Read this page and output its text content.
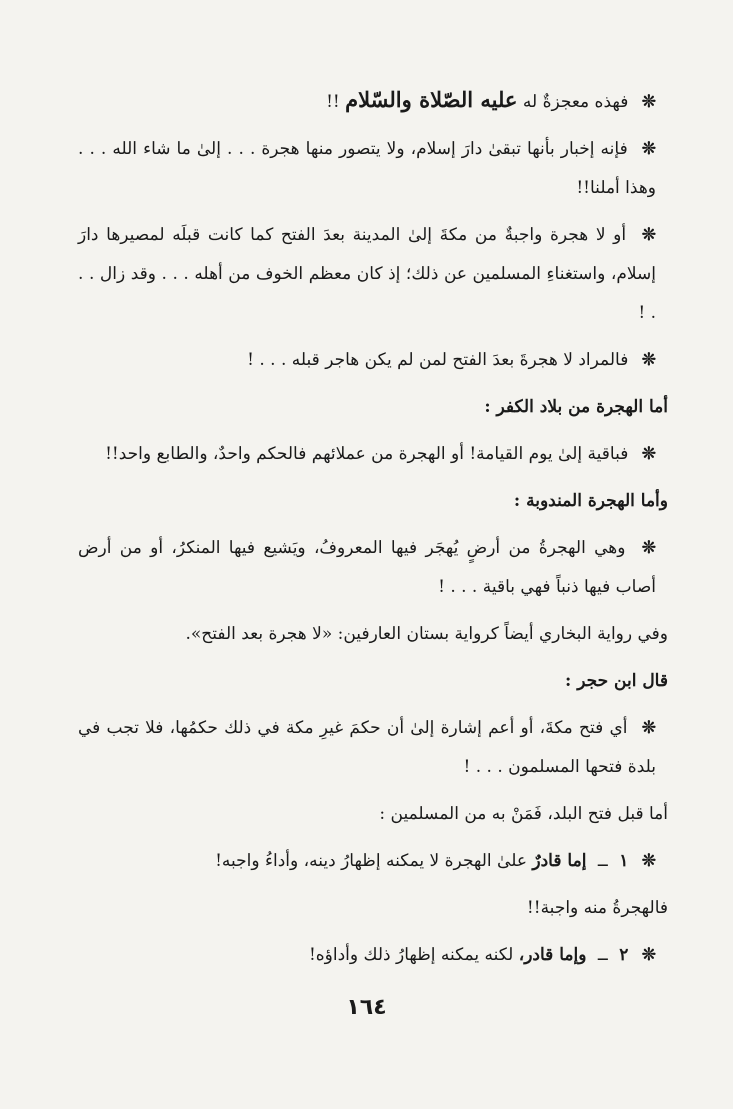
❊ فهذه معجزةٌ له عليه الصّلاة والسّلام !!

❊ فإنه إخبار بأنها تبقىٰ دارَ إسلام، ولا يتصور منها هجرة . . . إلىٰ ما شاء الله . . . وهذا أملنا!!

❊ أو لا هجرة واجبةٌ من مكةَ إلىٰ المدينة بعدَ الفتح كما كانت قبلَه لمصيرها دارَ إسلام، واستغناءِ المسلمين عن ذلك؛ إذ كان معظم الخوف من أهله . . . وقد زال . . . !

❊ فالمراد لا هجرةَ بعدَ الفتح لمن لم يكن هاجر قبله . . . !

أما الهجرة من بلاد الكفر :

❊ فباقية إلىٰ يوم القيامة! أو الهجرة من عملائهم فالحكم واحدٌ، والطابع واحد!!

وأما الهجرة المندوبة :

❊ وهي الهجرةُ من أرضٍ يُهجَر فيها المعروفُ، ويَشيع فيها المنكرُ، أو من أرض أصاب فيها ذنباً فهي باقية . . . !

وفي رواية البخاري أيضاً كرواية بستان العارفين: «لا هجرة بعد الفتح».

قال ابن حجر :

❊ أي فتح مكةَ، أو أعم إشارة إلىٰ أن حكمَ غيرِ مكة في ذلك حكمُها، فلا تجب في بلدة فتحها المسلمون . . . !

أما قبل فتح البلد، فَمَنْ به من المسلمين :

❊ ١ ــ إما قادرٌ علىٰ الهجرة لا يمكنه إظهارُ دينه، وأداءُ واجبه!

فالهجرةُ منه واجبة!!

❊ ٢ ــ وإما قادر، لكنه يمكنه إظهارُ ذلك وأداؤه!

١٦٤
